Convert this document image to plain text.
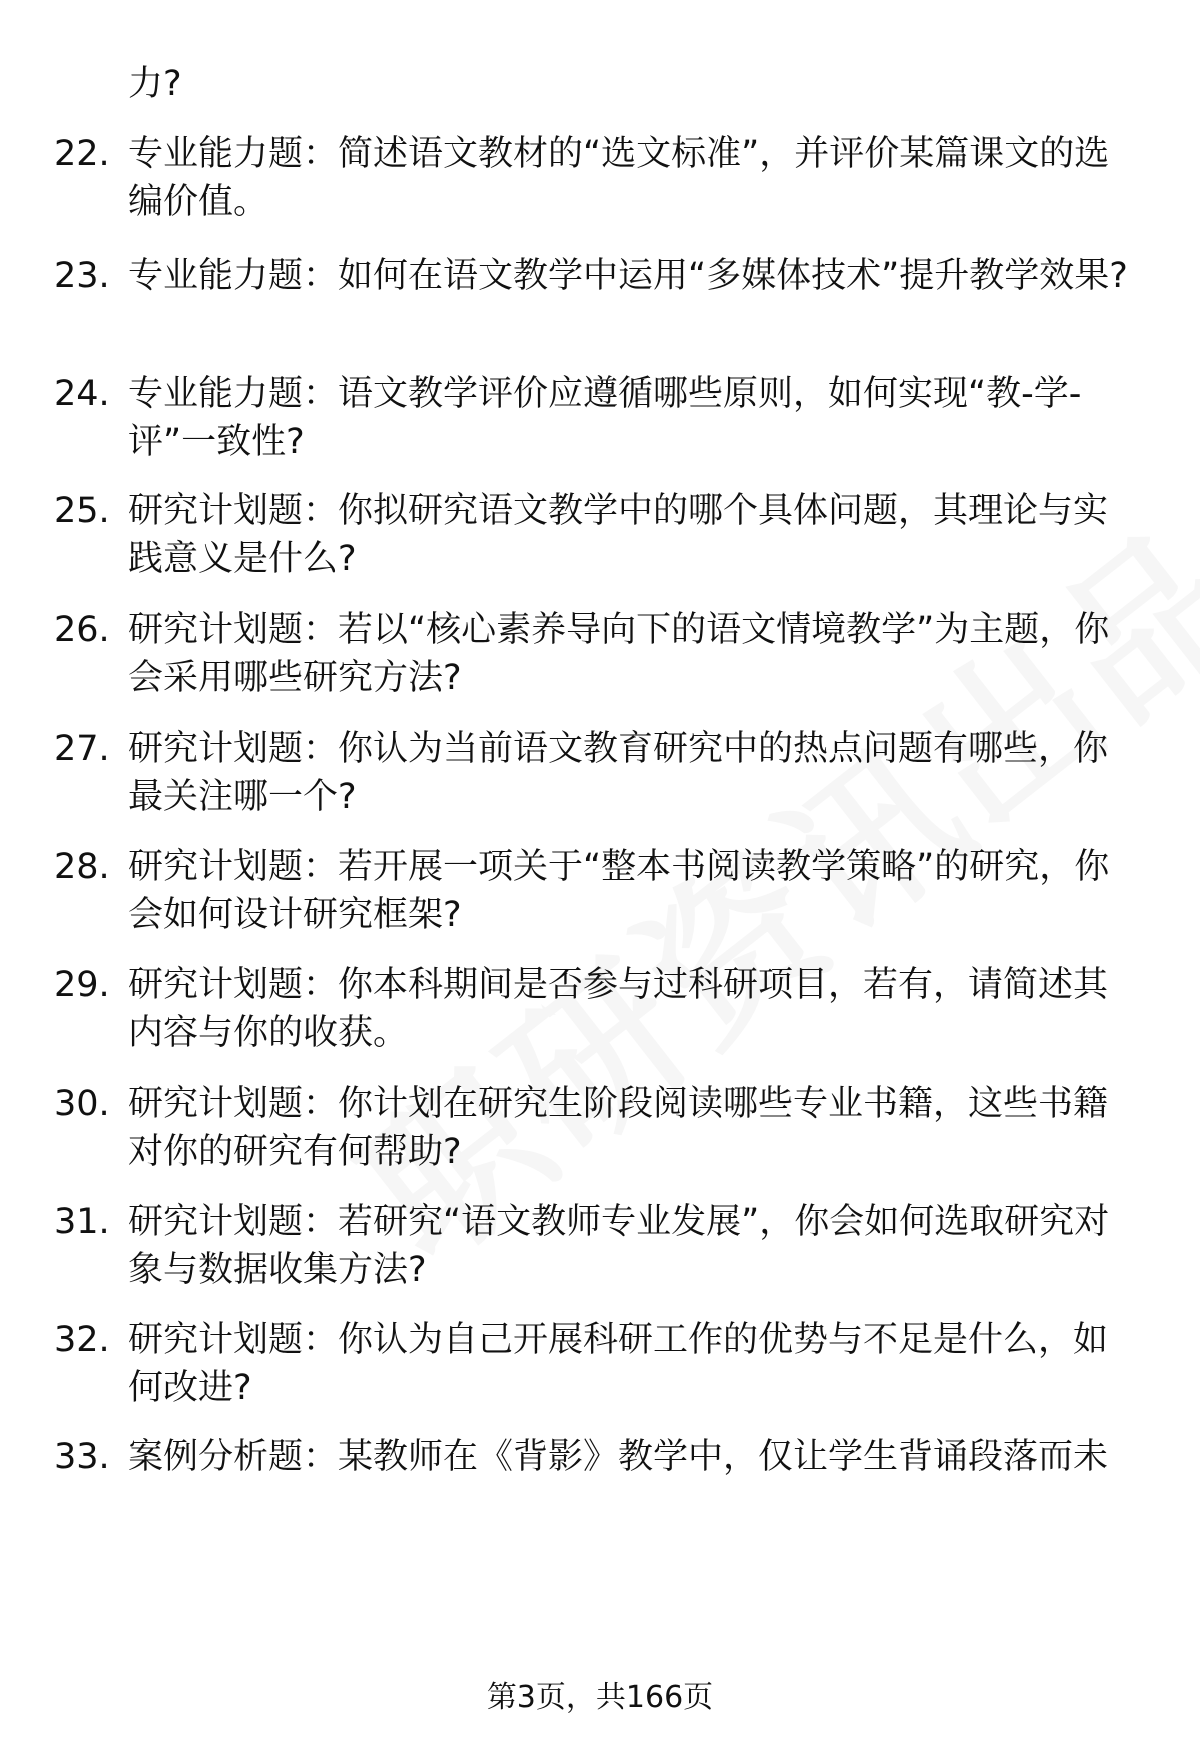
力?
22. 专业能力题：简述语文教材的“选文标准”，并评价某篇课文的选编价值。
23. 专业能力题：如何在语文教学中运用“多媒体技术”提升教学效果?
24. 专业能力题：语文教学评价应遵循哪些原则，如何实现“教-学-评”一致性?
25. 研究计划题：你拟研究语文教学中的哪个具体问题，其理论与实践意义是什么?
26. 研究计划题：若以“核心素养导向下的语文情境教学”为主题，你会采用哪些研究方法?
27. 研究计划题：你认为当前语文教育研究中的热点问题有哪些，你最关注哪一个?
28. 研究计划题：若开展一项关于“整本书阅读教学策略”的研究，你会如何设计研究框架?
29. 研究计划题：你本科期间是否参与过科研项目，若有，请简述其内容与你的收获。
30. 研究计划题：你计划在研究生阶段阅读哪些专业书籍，这些书籍对你的研究有何帮助?
31. 研究计划题：若研究“语文教师专业发展”，你会如何选取研究对象与数据收集方法?
32. 研究计划题：你认为自己开展科研工作的优势与不足是什么，如何改进?
33. 案例分析题：某教师在《背影》教学中，仅让学生背诵段落而未
第3页，共166页
